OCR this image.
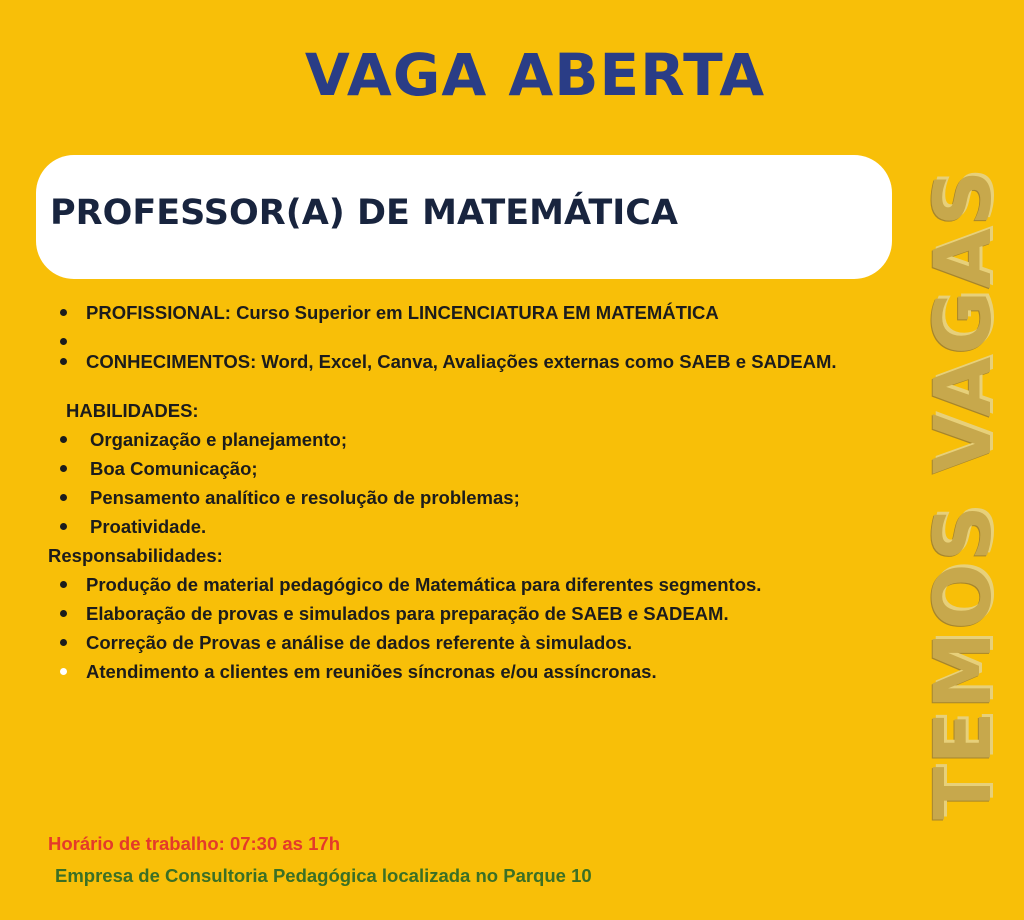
VAGA ABERTA
PROFESSOR(A) DE MATEMÁTICA	TEMOS VAGAS
PROFISSIONAL: Curso Superior em LINCENCIATURA EM MATEMÁTICA
CONHECIMENTOS: Word, Excel, Canva, Avaliações externas como SAEB e SADEAM.
HABILIDADES:
Organização e planejamento;
Boa Comunicação;
Pensamento analítico e resolução de problemas;
Proatividade.
Responsabilidades:
Produção de material pedagógico de Matemática para diferentes segmentos.
Elaboração de provas e simulados para preparação de SAEB e SADEAM.
Correção de Provas e análise de dados referente à simulados.
Atendimento a clientes em reuniões síncronas e/ou assíncronas.
Horário de trabalho: 07:30 as 17h
Empresa de Consultoria Pedagógica localizada no Parque 10
